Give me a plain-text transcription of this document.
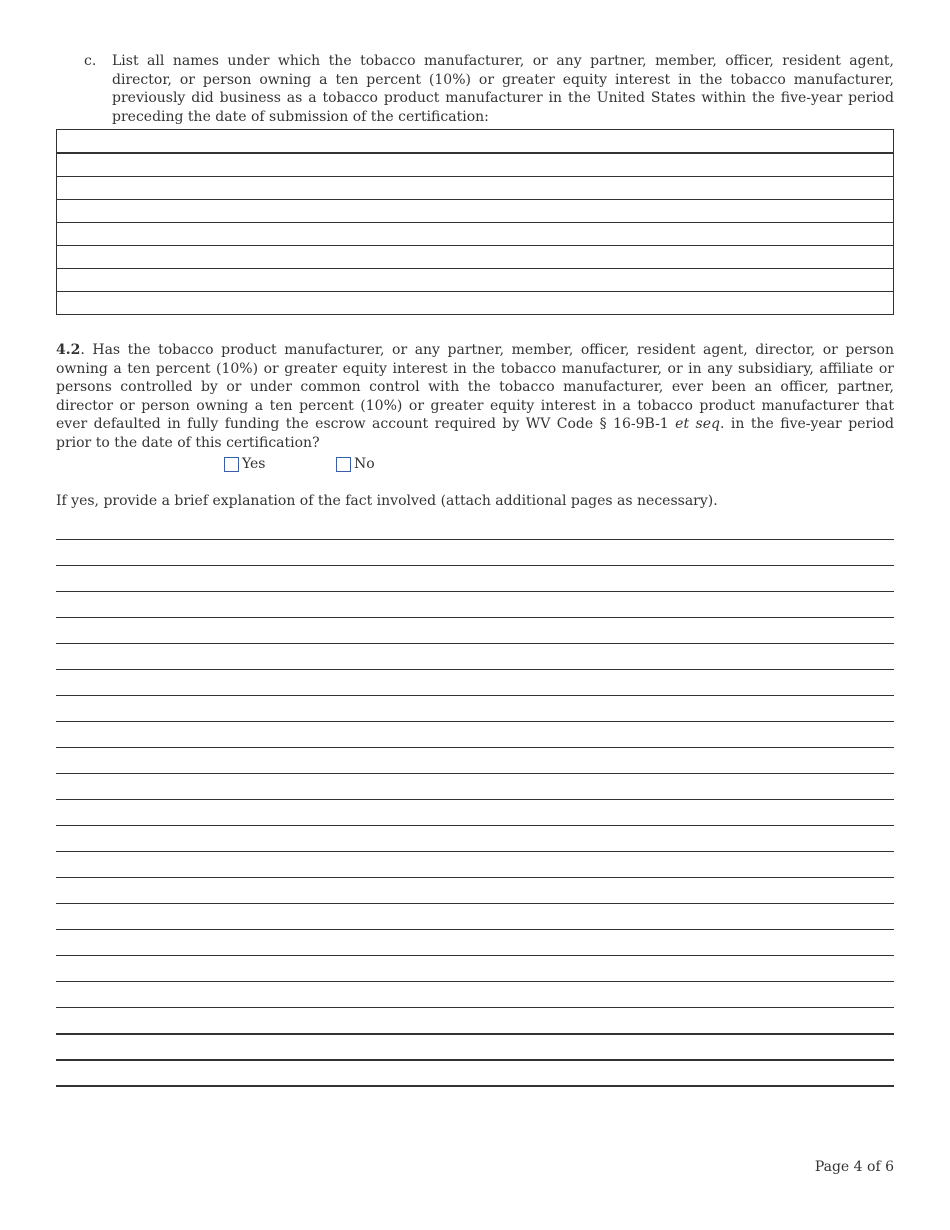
c. List all names under which the tobacco manufacturer, or any partner, member, officer, resident agent, director, or person owning a ten percent (10%) or greater equity interest in the tobacco manufacturer, previously did business as a tobacco product manufacturer in the United States within the five-year period preceding the date of submission of the certification:

4.2. Has the tobacco product manufacturer, or any partner, member, officer, resident agent, director, or person owning a ten percent (10%) or greater equity interest in the tobacco manufacturer, or in any subsidiary, affiliate or persons controlled by or under common control with the tobacco manufacturer, ever been an officer, partner, director or person owning a ten percent (10%) or greater equity interest in a tobacco product manufacturer that ever defaulted in fully funding the escrow account required by WV Code § 16-9B-1 et seq. in the five-year period prior to the date of this certification?
Yes	No
If yes, provide a brief explanation of the fact involved (attach additional pages as necessary).
Page 4 of 6
